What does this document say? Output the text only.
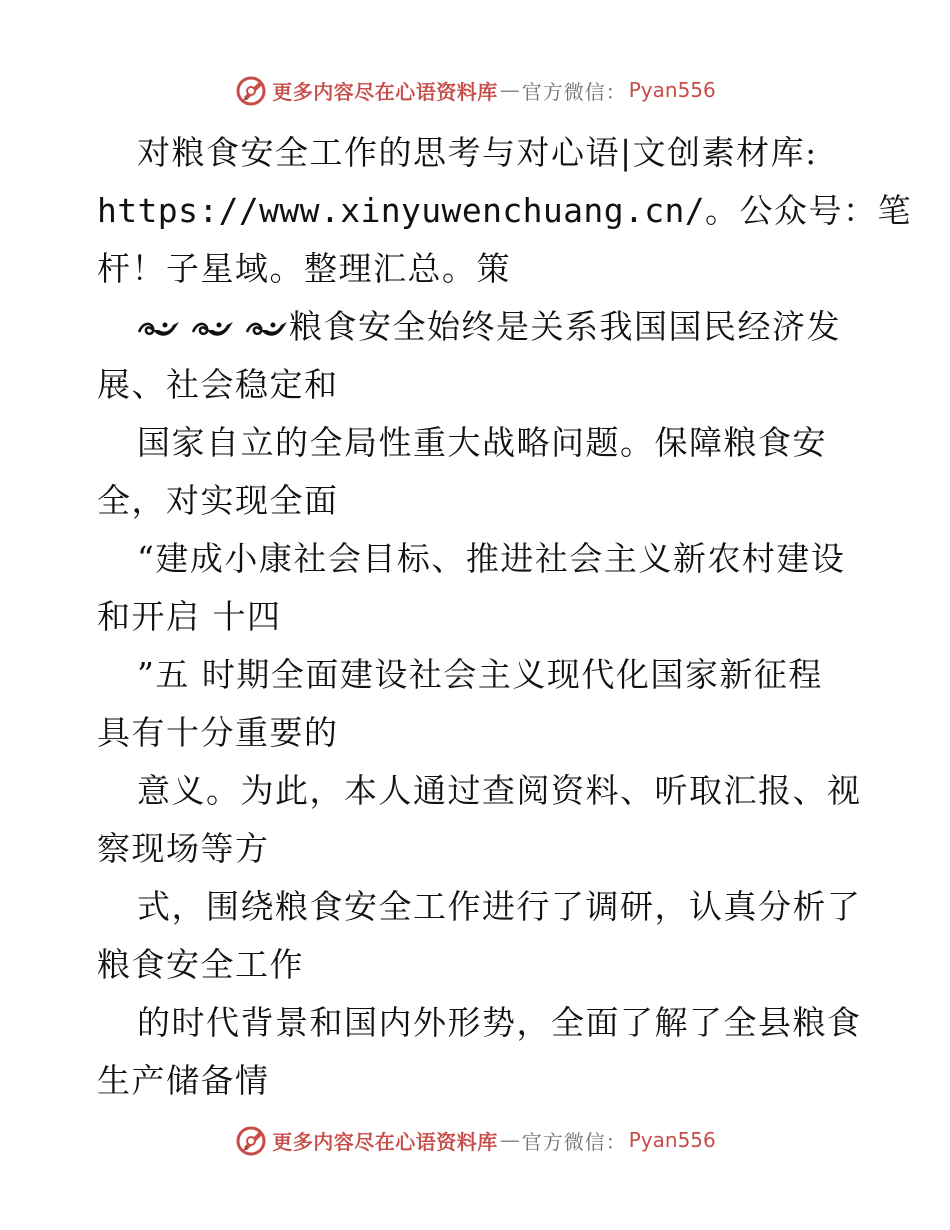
更多内容尽在心语资料库 — 官方微信： Pyan556
对粮食安全工作的思考与对心语|文创素材库:
https://www.xinyuwenchuang.cn/。公众号：笔
杆！子星域。整理汇总。策
粮食安全始终是关系我国国民经济发
展、社会稳定和
国家自立的全局性重大战略问题。保障粮食安
全，对实现全面
“建成小康社会目标、推进社会主义新农村建设
和开启 十四
”五 时期全面建设社会主义现代化国家新征程
具有十分重要的
意义。为此，本人通过查阅资料、听取汇报、视
察现场等方
式，围绕粮食安全工作进行了调研，认真分析了
粮食安全工作
的时代背景和国内外形势，全面了解了全县粮食
生产储备情
更多内容尽在心语资料库 — 官方微信： Pyan556
